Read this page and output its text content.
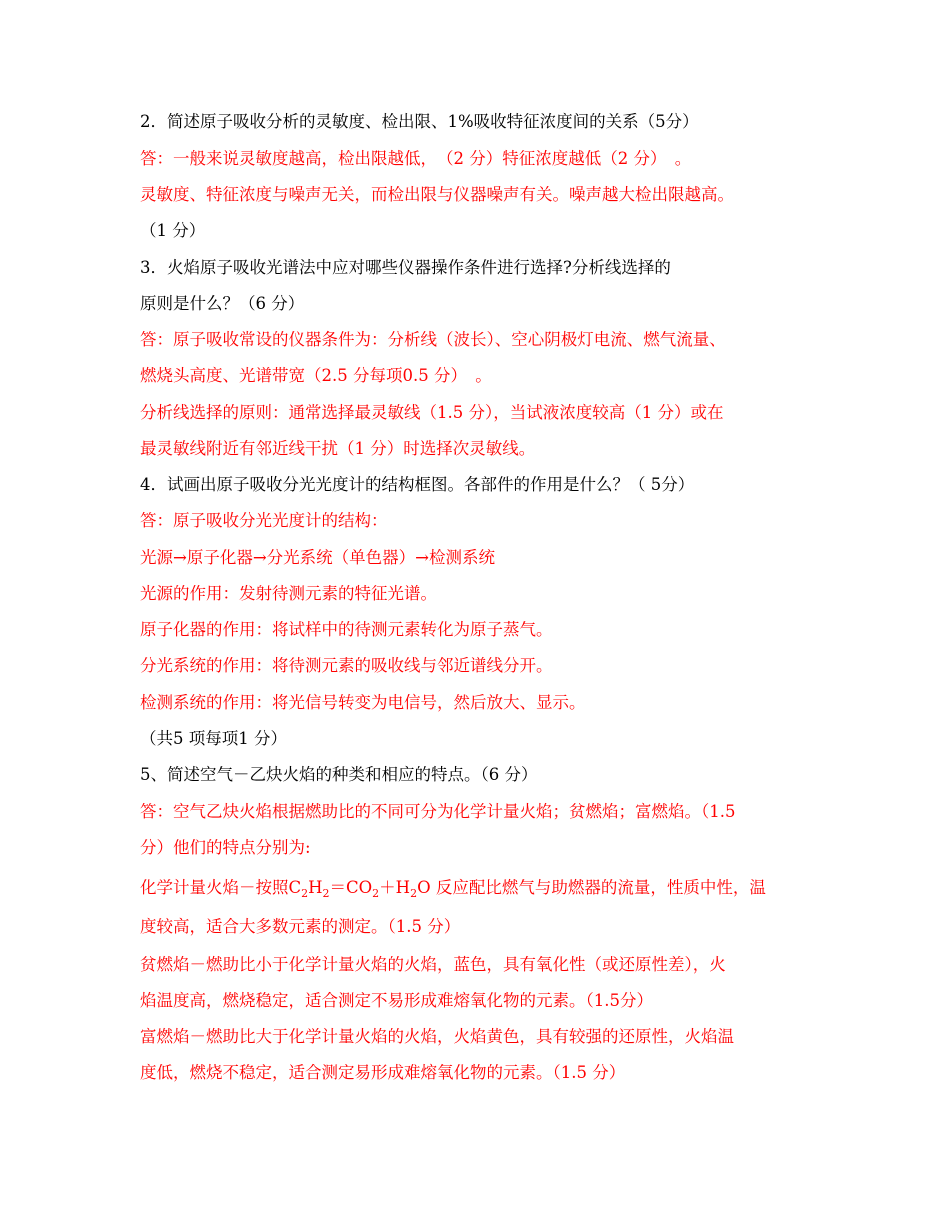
2．简述原子吸收分析的灵敏度、检出限、1%吸收特征浓度间的关系（5分）
答：一般来说灵敏度越高，检出限越低，　（2 分）特征浓度越低（2 分）　。
灵敏度、特征浓度与噪声无关，而检出限与仪器噪声有关。噪声越大检出限越高。
（1 分）
3．火焰原子吸收光谱法中应对哪些仪器操作条件进行选择?分析线选择的
原则是什么？（6 分）
答：原子吸收常设的仪器条件为：分析线（波长）、空心阴极灯电流、燃气流量、
燃烧头高度、光谱带宽（2.5 分每项0.5 分）　。
分析线选择的原则：通常选择最灵敏线（1.5 分），当试液浓度较高（1 分）或在
最灵敏线附近有邻近线干扰（1 分）时选择次灵敏线。
4．试画出原子吸收分光光度计的结构框图。各部件的作用是什么？（ 5分）
答：原子吸收分光光度计的结构：
光源→原子化器→分光系统（单色器）→检测系统
光源的作用：发射待测元素的特征光谱。
原子化器的作用：将试样中的待测元素转化为原子蒸气。
分光系统的作用：将待测元素的吸收线与邻近谱线分开。
检测系统的作用：将光信号转变为电信号，然后放大、显示。
（共5 项每项1 分）
5、简述空气－乙炔火焰的种类和相应的特点。（6 分）
答：空气乙炔火焰根据燃助比的不同可分为化学计量火焰；贫燃焰；富燃焰。（1.5
分）他们的特点分别为:
化学计量火焰－按照$C_2H_2=CO_2+H_2O$ 反应配比燃气与助燃器的流量，性质中性，温
度较高，适合大多数元素的测定。（1.5 分）
贫燃焰－燃助比小于化学计量火焰的火焰，蓝色，具有氧化性（或还原性差），火
焰温度高，燃烧稳定，适合测定不易形成难熔氧化物的元素。（1.5分）
富燃焰－燃助比大于化学计量火焰的火焰，火焰黄色，具有较强的还原性，火焰温
度低，燃烧不稳定，适合测定易形成难熔氧化物的元素。（1.5 分）
